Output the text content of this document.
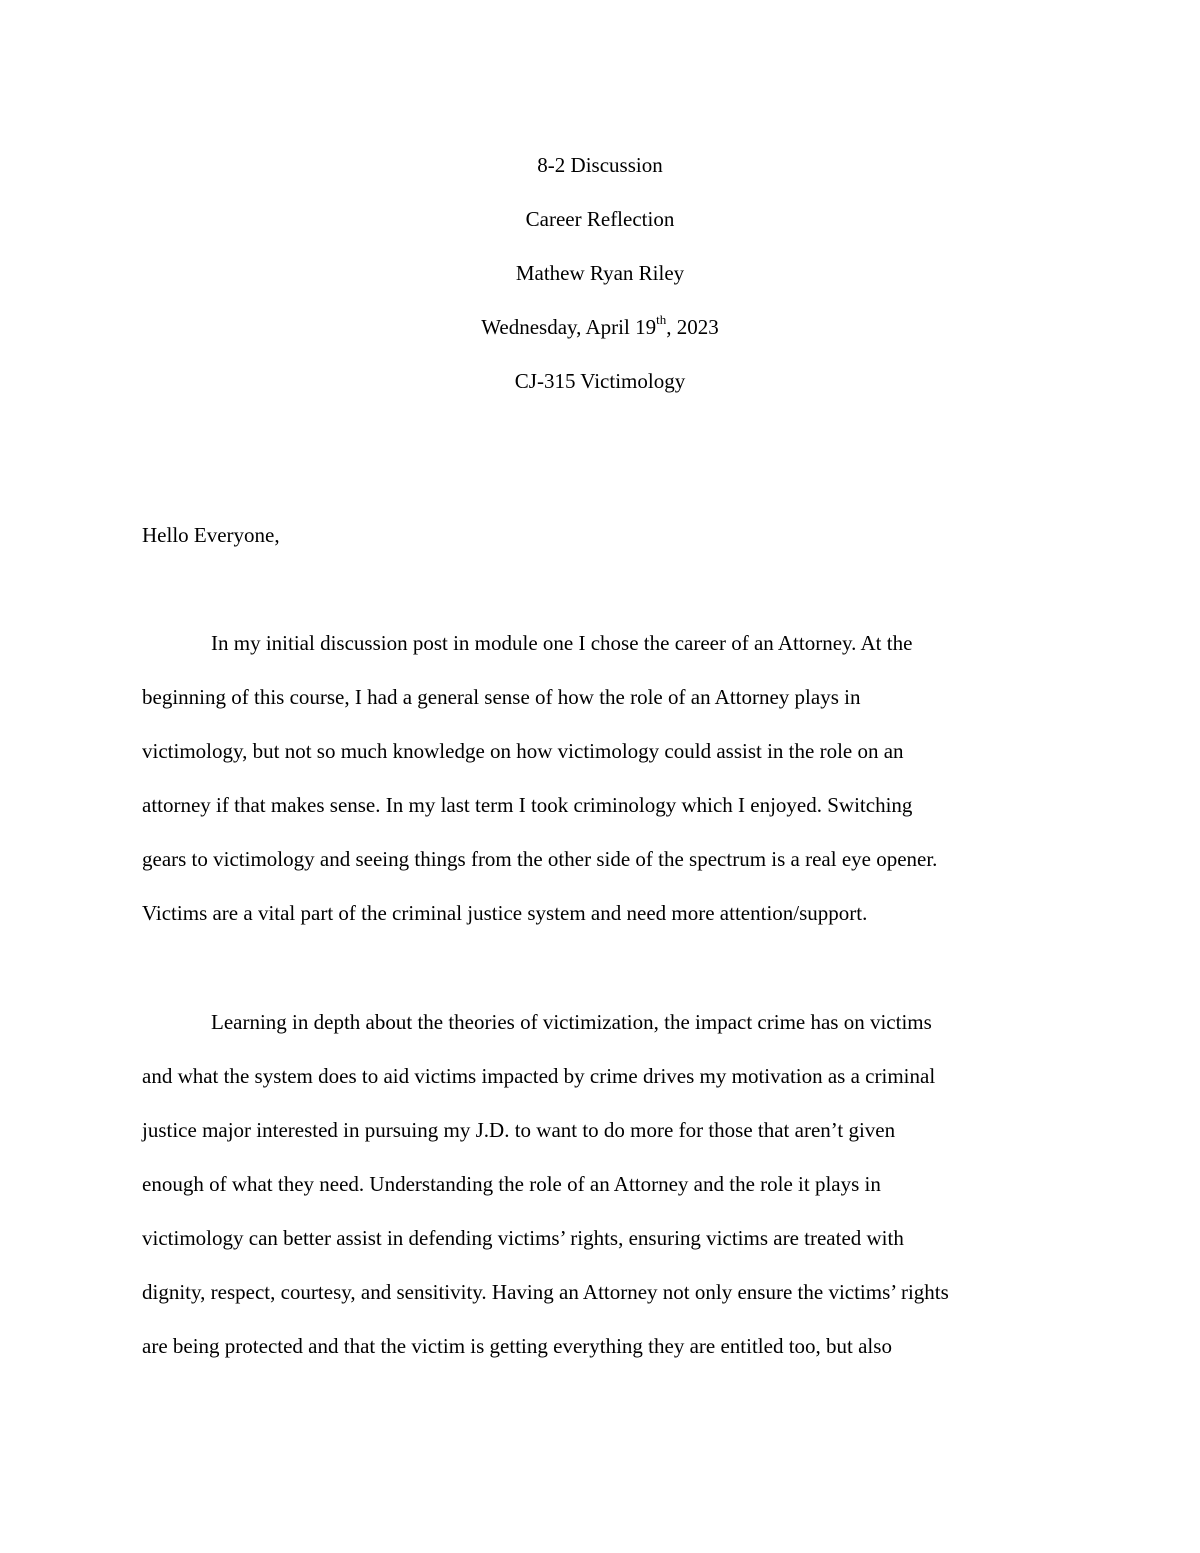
8-2 Discussion
Career Reflection
Mathew Ryan Riley
Wednesday, April 19th, 2023
CJ-315 Victimology
Hello Everyone,
In my initial discussion post in module one I chose the career of an Attorney. At the
beginning of this course, I had a general sense of how the role of an Attorney plays in
victimology, but not so much knowledge on how victimology could assist in the role on an
attorney if that makes sense. In my last term I took criminology which I enjoyed. Switching
gears to victimology and seeing things from the other side of the spectrum is a real eye opener.
Victims are a vital part of the criminal justice system and need more attention/support.
Learning in depth about the theories of victimization, the impact crime has on victims
and what the system does to aid victims impacted by crime drives my motivation as a criminal
justice major interested in pursuing my J.D. to want to do more for those that aren’t given
enough of what they need. Understanding the role of an Attorney and the role it plays in
victimology can better assist in defending victims’ rights, ensuring victims are treated with
dignity, respect, courtesy, and sensitivity. Having an Attorney not only ensure the victims’ rights
are being protected and that the victim is getting everything they are entitled too, but also
